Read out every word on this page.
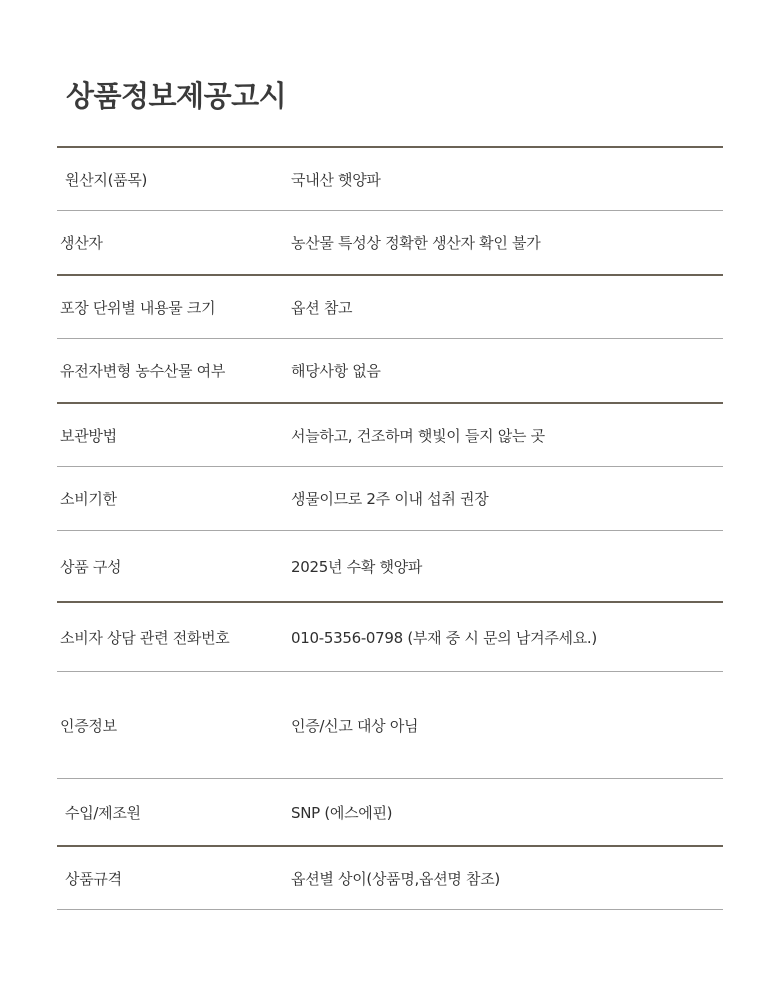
상품정보제공고시
원산지(품목)	국내산 햇양파
생산자	농산물 특성상 정확한 생산자 확인 불가
포장 단위별 내용물 크기	옵션 참고
유전자변형 농수산물 여부	해당사항 없음
보관방법	서늘하고, 건조하며 햇빛이 들지 않는 곳
소비기한	생물이므로 2주 이내 섭취 권장
상품 구성	2025년 수확 햇양파
소비자 상담 관련 전화번호	010-5356-0798 (부재 중 시 문의 남겨주세요.)
인증정보	인증/신고 대상 아님
수입/제조원	SNP (에스에핀)
상품규격	옵션별 상이(상품명,옵션명 참조)
